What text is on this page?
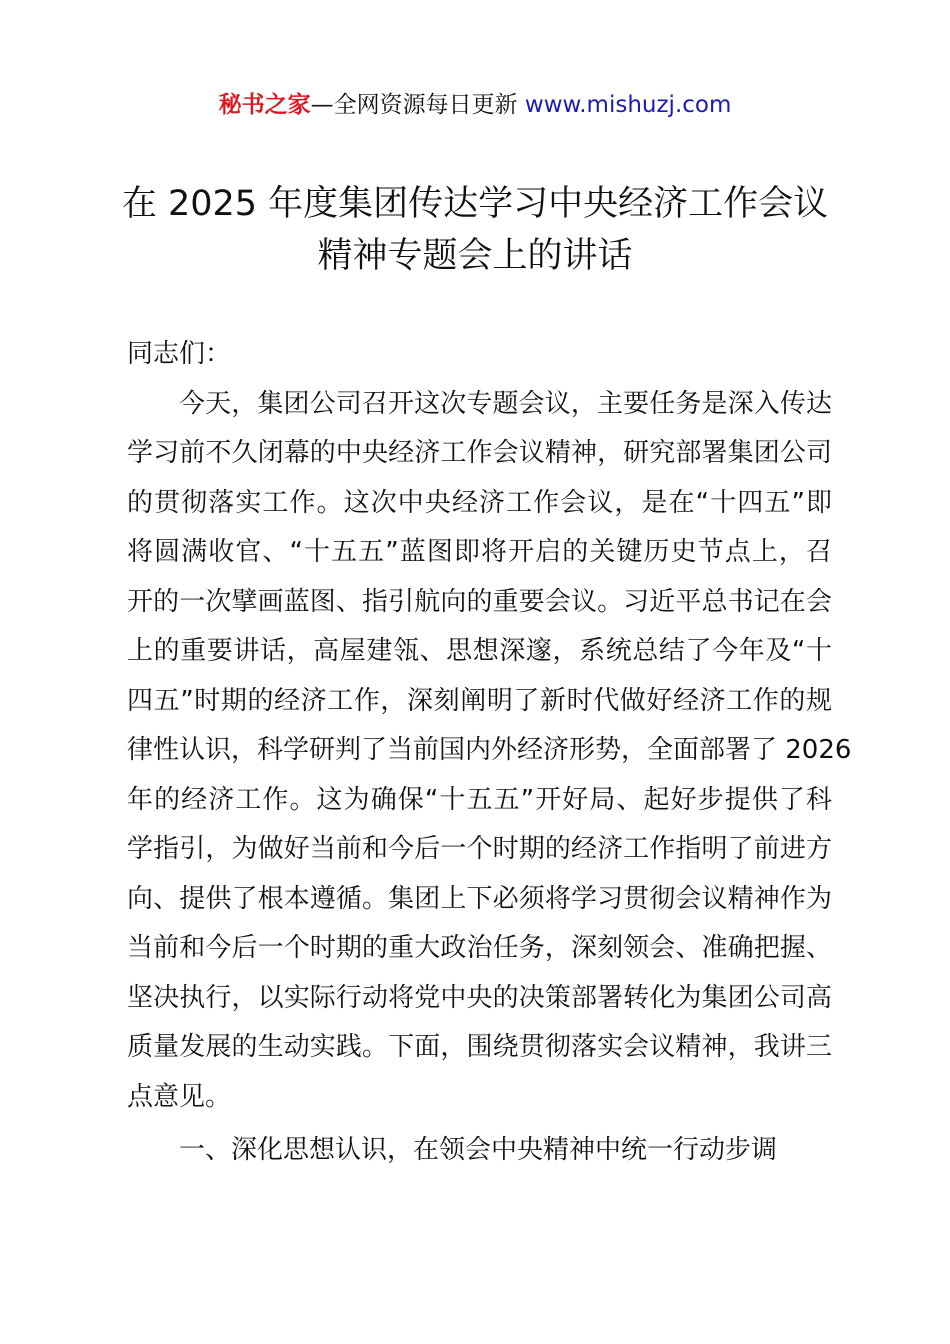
秘书之家—全网资源每日更新 www.mishuzj.com
在 2025 年度集团传达学习中央经济工作会议
精神专题会上的讲话
同志们：
今天，集团公司召开这次专题会议，主要任务是深入传达
学习前不久闭幕的中央经济工作会议精神，研究部署集团公司
的贯彻落实工作。这次中央经济工作会议，是在“十四五”即
将圆满收官、“十五五”蓝图即将开启的关键历史节点上，召
开的一次擘画蓝图、指引航向的重要会议。习近平总书记在会
上的重要讲话，高屋建瓴、思想深邃，系统总结了今年及“十
四五”时期的经济工作，深刻阐明了新时代做好经济工作的规
律性认识，科学研判了当前国内外经济形势，全面部署了 2026
年的经济工作。这为确保“十五五”开好局、起好步提供了科
学指引，为做好当前和今后一个时期的经济工作指明了前进方
向、提供了根本遵循。集团上下必须将学习贯彻会议精神作为
当前和今后一个时期的重大政治任务，深刻领会、准确把握、
坚决执行，以实际行动将党中央的决策部署转化为集团公司高
质量发展的生动实践。下面，围绕贯彻落实会议精神，我讲三
点意见。
一、深化思想认识，在领会中央精神中统一行动步调
